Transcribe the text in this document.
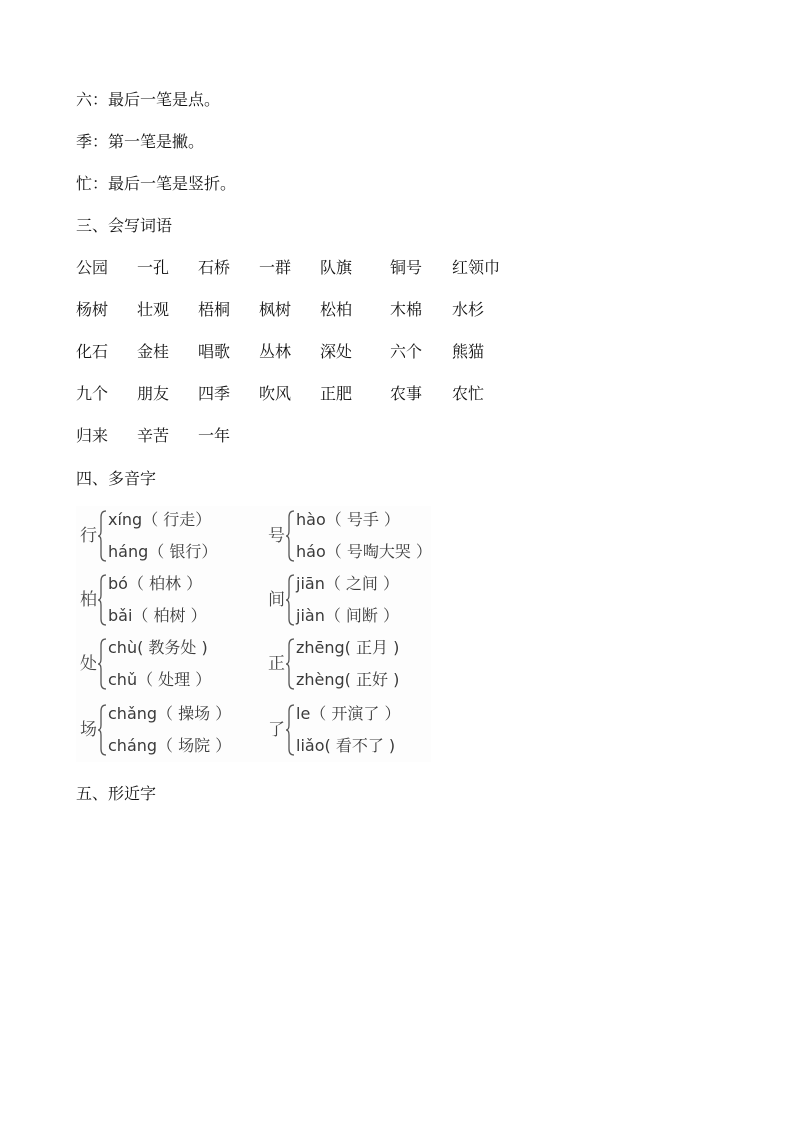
六：最后一笔是点。
季：第一笔是撇。
忙：最后一笔是竖折。
三、会写词语
公园 一孔 石桥 一群 队旗 铜号 红领巾
杨树 壮观 梧桐 枫树 松柏 木棉 水杉
化石 金桂 唱歌 丛林 深处 六个 熊猫
九个 朋友 四季 吹风 正肥 农事 农忙
归来 辛苦 一年
四、多音字
行
xíng（ 行走）
háng（ 银行）
号
hào（ 号手 ）
háo（ 号啕大哭 ）
柏
bó（ 柏林 ）
bǎi（ 柏树 ）
间
jiān（ 之间 ）
jiàn（ 间断 ）
处
chù( 教务处 )
chǔ（ 处理 ）
正
zhēng( 正月 )
zhèng( 正好 )
场
chǎng（ 操场 ）
cháng（ 场院 ）
了
le（ 开演了 ）
liǎo( 看不了 )
五、形近字
